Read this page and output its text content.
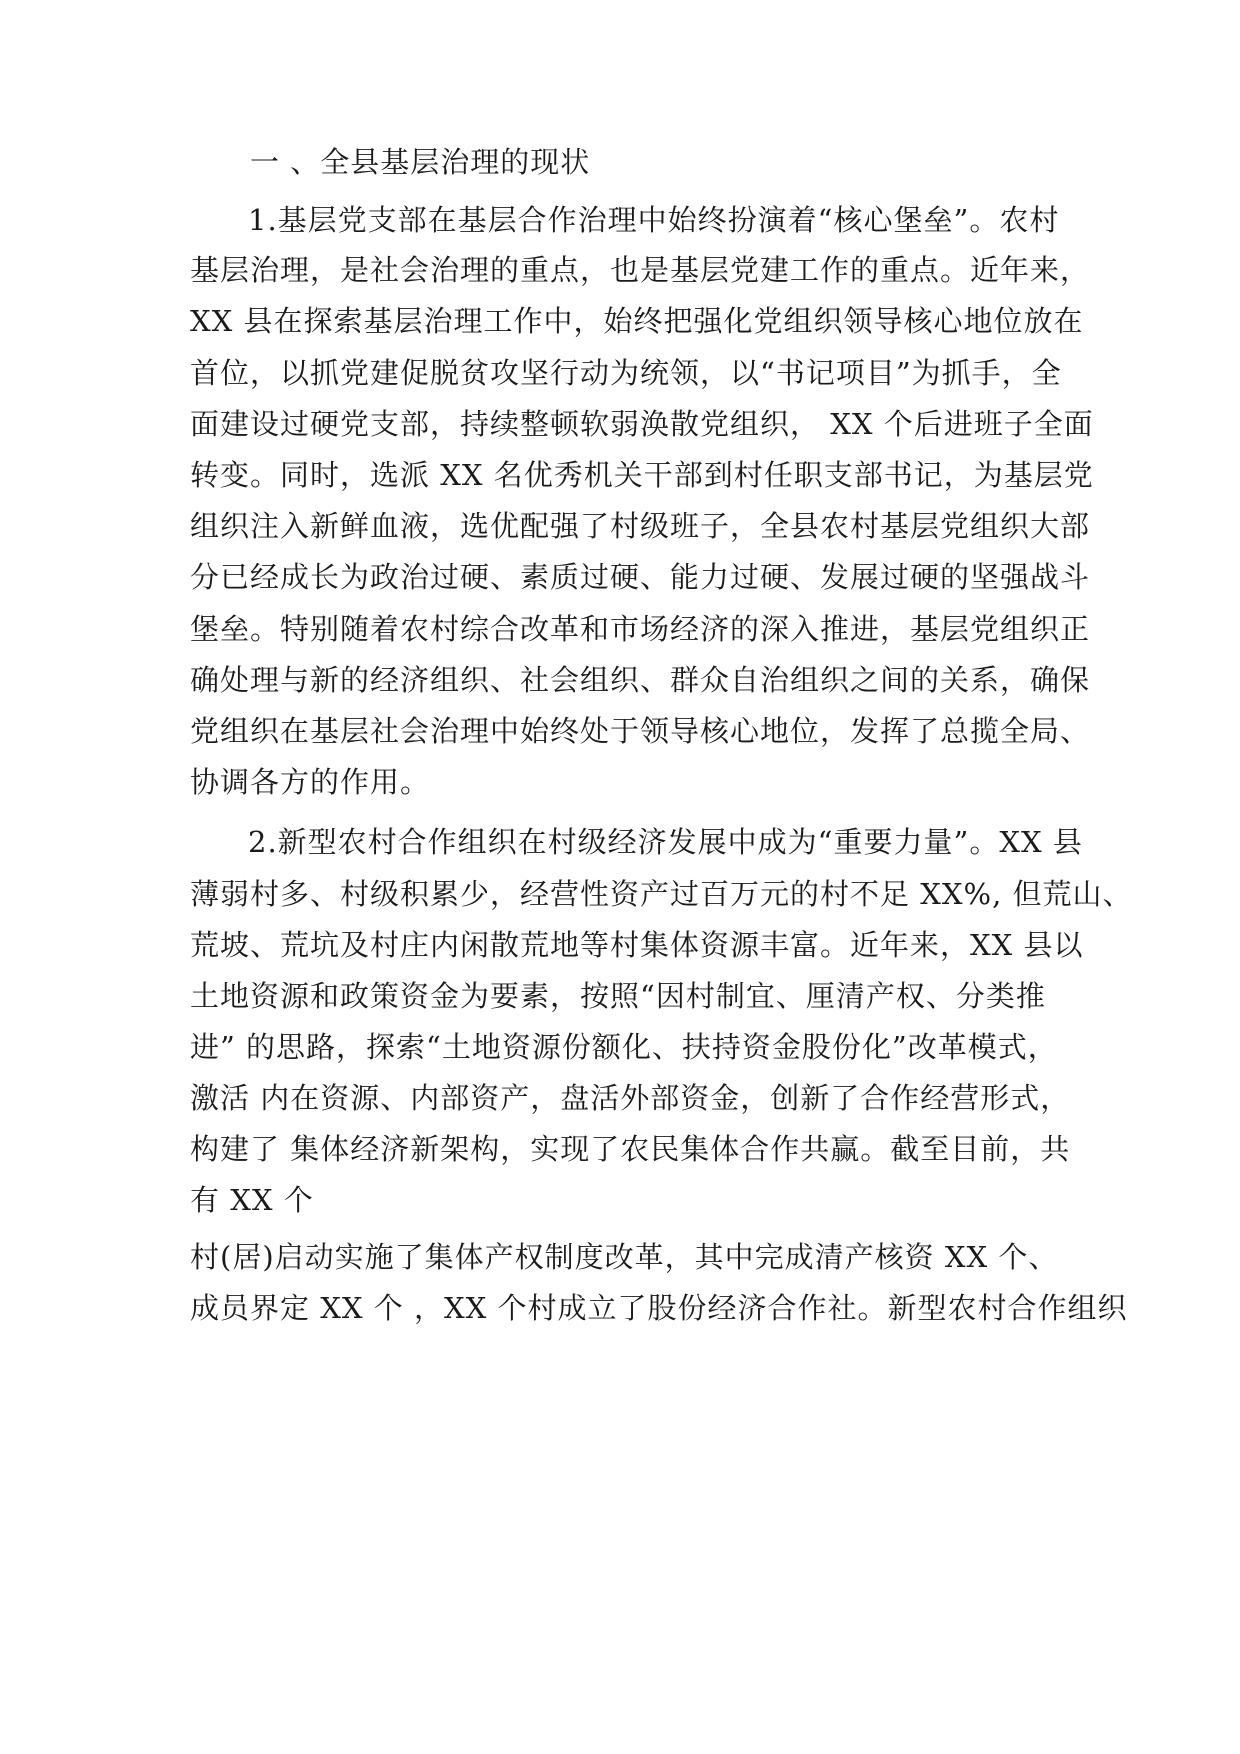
一 、全县基层治理的现状
1.基层党支部在基层合作治理中始终扮演着“核心堡垒”。农村
基层治理，是社会治理的重点，也是基层党建工作的重点。近年来，
XX 县在探索基层治理工作中，始终把强化党组织领导核心地位放在
首位，以抓党建促脱贫攻坚行动为统领，以“书记项目”为抓手，全
面建设过硬党支部，持续整顿软弱涣散党组织， XX 个后进班子全面
转变。同时，选派 XX 名优秀机关干部到村任职支部书记，为基层党
组织注入新鲜血液，选优配强了村级班子，全县农村基层党组织大部
分已经成长为政治过硬、素质过硬、能力过硬、发展过硬的坚强战斗
堡垒。特别随着农村综合改革和市场经济的深入推进，基层党组织正
确处理与新的经济组织、社会组织、群众自治组织之间的关系，确保
党组织在基层社会治理中始终处于领导核心地位，发挥了总揽全局、
协调各方的作用。
2.新型农村合作组织在村级经济发展中成为“重要力量”。XX 县
薄弱村多、村级积累少，经营性资产过百万元的村不足 XX%, 但荒山、
荒坡、荒坑及村庄内闲散荒地等村集体资源丰富。近年来，XX 县以
土地资源和政策资金为要素，按照“因村制宜、厘清产权、分类推
进” 的思路，探索“土地资源份额化、扶持资金股份化”改革模式，
激活 内在资源、内部资产，盘活外部资金，创新了合作经营形式，
构建了 集体经济新架构，实现了农民集体合作共赢。截至目前，共
有 XX 个
村(居)启动实施了集体产权制度改革，其中完成清产核资 XX 个、
成员界定 XX 个 ，XX 个村成立了股份经济合作社。新型农村合作组织
